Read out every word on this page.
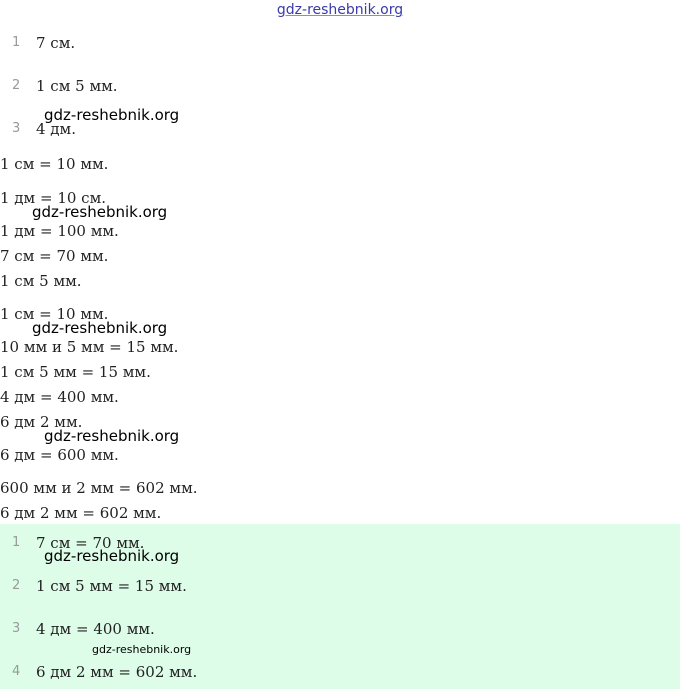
gdz-reshebnik.org
1 7 см.
2 1 см 5 мм.
3 4 дм.
1 см = 10 мм.
1 дм = 10 см.
1 дм = 100 мм.
7 см = 70 мм.
1 см 5 мм.
1 см = 10 мм.
10 мм и 5 мм = 15 мм.
1 см 5 мм = 15 мм.
4 дм = 400 мм.
6 дм 2 мм.
6 дм = 600 мм.
600 мм и 2 мм = 602 мм.
6 дм 2 мм = 602 мм.
1 7 см = 70 мм.
2 1 см 5 мм = 15 мм.
3 4 дм = 400 мм.
4 6 дм 2 мм = 602 мм.
gdz-reshebnik.org
gdz-reshebnik.org
gdz-reshebnik.org
gdz-reshebnik.org
gdz-reshebnik.org
gdz-reshebnik.org
